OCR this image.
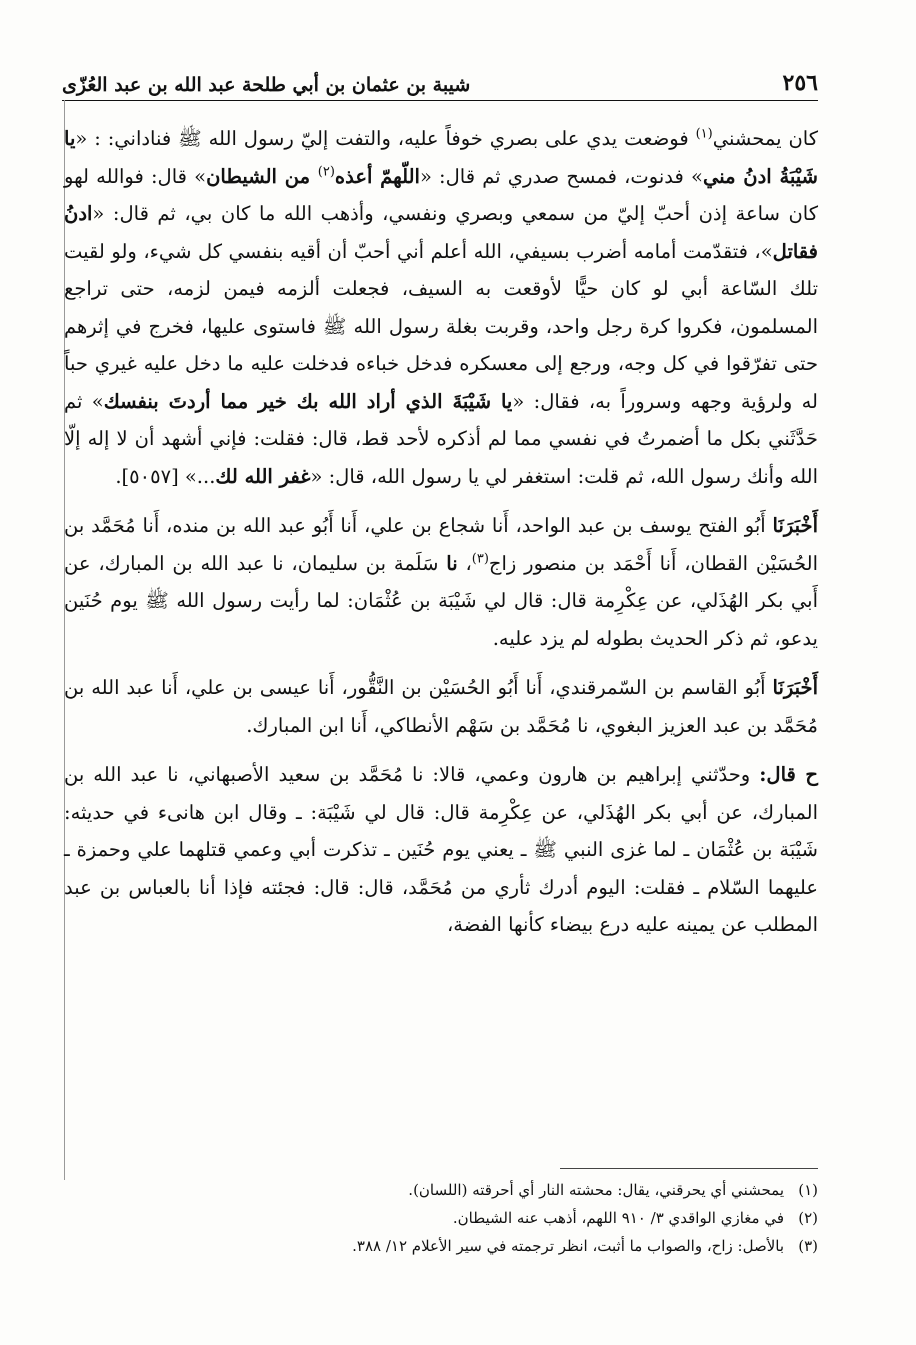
شيبة بن عثمان بن أبي طلحة عبد الله بن عبد العُزّى	٢٥٦

كان يمحشني$^{(١)}$ فوضعت يدي على بصري خوفاً عليه، والتفت إليّ رسول الله ﷺ فناداني: : «يا شَيْبَةُ ادنُ مني» فدنوت، فمسح صدري ثم قال: «اللّهمّ أعذه$^{(٢)}$ من الشيطان» قال: فوالله لهو كان ساعة إذن أحبّ إليّ من سمعي وبصري ونفسي، وأذهب الله ما كان بي، ثم قال: «ادنُ فقاتل»، فتقدّمت أمامه أضرب بسيفي، الله أعلم أني أحبّ أن أقيه بنفسي كل شيء، ولو لقيت تلك السّاعة أبي لو كان حيًّا لأوقعت به السيف، فجعلت ألزمه فيمن لزمه، حتى تراجع المسلمون، فكروا كرة رجل واحد، وقربت بغلة رسول الله ﷺ فاستوى عليها، فخرج في إثرهم حتى تفرّقوا في كل وجه، ورجع إلى معسكره فدخل خباءه فدخلت عليه ما دخل عليه غيري حباً له ولرؤية وجهه وسروراً به، فقال: «يا شَيْبَةَ الذي أراد الله بك خير مما أردتَ بنفسك» ثم حَدَّثَني بكل ما أضمرتُ في نفسي مما لم أذكره لأحد قط، قال: فقلت: فإني أشهد أن لا إله إلّا الله وأنك رسول الله، ثم قلت: استغفر لي يا رسول الله، قال: «غفر الله لك...» [٥٠٥٧].

أَخْبَرَنَا أَبُو الفتح يوسف بن عبد الواحد، أَنا شجاع بن علي، أَنا أَبُو عبد الله بن منده، أَنا مُحَمَّد بن الحُسَيْن القطان، أَنا أَحْمَد بن منصور زاج$^{(٣)}$، نا سَلَمة بن سليمان، نا عبد الله بن المبارك، عن أَبي بكر الهُذَلي، عن عِكْرِمة قال: قال لي شَيْبَة بن عُثْمَان: لما رأيت رسول الله ﷺ يوم حُنَين يدعو، ثم ذكر الحديث بطوله لم يزد عليه.

أَخْبَرَنَا أَبُو القاسم بن السّمرقندي، أَنا أَبُو الحُسَيْن بن النَّقُّور، أَنا عيسى بن علي، أَنا عبد الله بن مُحَمَّد بن عبد العزيز البغوي، نا مُحَمَّد بن سَهْم الأنطاكي، أَنا ابن المبارك.

ح قال: وحدّثني إبراهيم بن هارون وعمي، قالا: نا مُحَمَّد بن سعيد الأصبهاني، نا عبد الله بن المبارك، عن أبي بكر الهُذَلي، عن عِكْرِمة قال: قال لي شَيْبَة: ـ وقال ابن هانىء في حديثه: شَيْبَة بن عُثْمَان ـ لما غزى النبي ﷺ ـ يعني يوم حُنَين ـ تذكرت أبي وعمي قتلهما علي وحمزة ـ عليهما السّلام ـ فقلت: اليوم أدرك ثأري من مُحَمَّد، قال: قال: فجئته فإذا أنا بالعباس بن عبد المطلب عن يمينه عليه درع بيضاء كأنها الفضة،

(١)يمحشني أي يحرقني، يقال: محشته النار أي أحرقته (اللسان).

(٢)في مغازي الواقدي ٣/ ٩١٠ اللهم، أذهب عنه الشيطان.

(٣)بالأصل: زاح، والصواب ما أثبت، انظر ترجمته في سير الأعلام ١٢/ ٣٨٨.
